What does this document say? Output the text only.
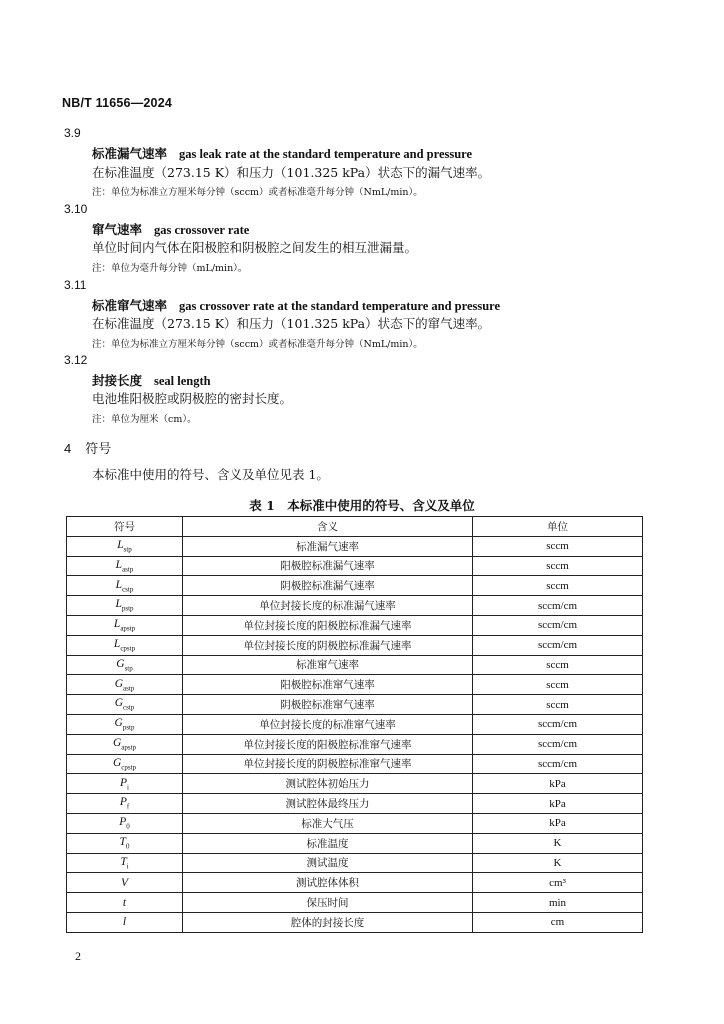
NB/T 11656—2024
3.9
标准漏气速率 gas leak rate at the standard temperature and pressure
在标准温度（273.15 K）和压力（101.325 kPa）状态下的漏气速率。
注：单位为标准立方厘米每分钟（sccm）或者标准毫升每分钟（NmL/min）。
3.10
窜气速率 gas crossover rate
单位时间内气体在阳极腔和阴极腔之间发生的相互泄漏量。
注：单位为毫升每分钟（mL/min）。
3.11
标准窜气速率 gas crossover rate at the standard temperature and pressure
在标准温度（273.15 K）和压力（101.325 kPa）状态下的窜气速率。
注：单位为标准立方厘米每分钟（sccm）或者标准毫升每分钟（NmL/min）。
3.12
封接长度 seal length
电池堆阳极腔或阴极腔的密封长度。
注：单位为厘米（cm）。
4 符号
本标准中使用的符号、含义及单位见表 1。
表 1　本标准中使用的符号、含义及单位
符号	含义	单位
$L_{stp}$	标准漏气速率	sccm
$L_{astp}$	阳极腔标准漏气速率	sccm
$L_{cstp}$	阴极腔标准漏气速率	sccm
$L_{pstp}$	单位封接长度的标准漏气速率	sccm/cm
$L_{apstp}$	单位封接长度的阳极腔标准漏气速率	sccm/cm
$L_{cpstp}$	单位封接长度的阴极腔标准漏气速率	sccm/cm
$G_{stp}$	标准窜气速率	sccm
$G_{astp}$	阳极腔标准窜气速率	sccm
$G_{cstp}$	阴极腔标准窜气速率	sccm
$G_{pstp}$	单位封接长度的标准窜气速率	sccm/cm
$G_{apstp}$	单位封接长度的阳极腔标准窜气速率	sccm/cm
$G_{cpstp}$	单位封接长度的阴极腔标准窜气速率	sccm/cm
$P_i$	测试腔体初始压力	kPa
$P_f$	测试腔体最终压力	kPa
$P_0$	标准大气压	kPa
$T_0$	标准温度	K
$T_i$	测试温度	K
V	测试腔体体积	cm³
t	保压时间	min
l	腔体的封接长度	cm
2
